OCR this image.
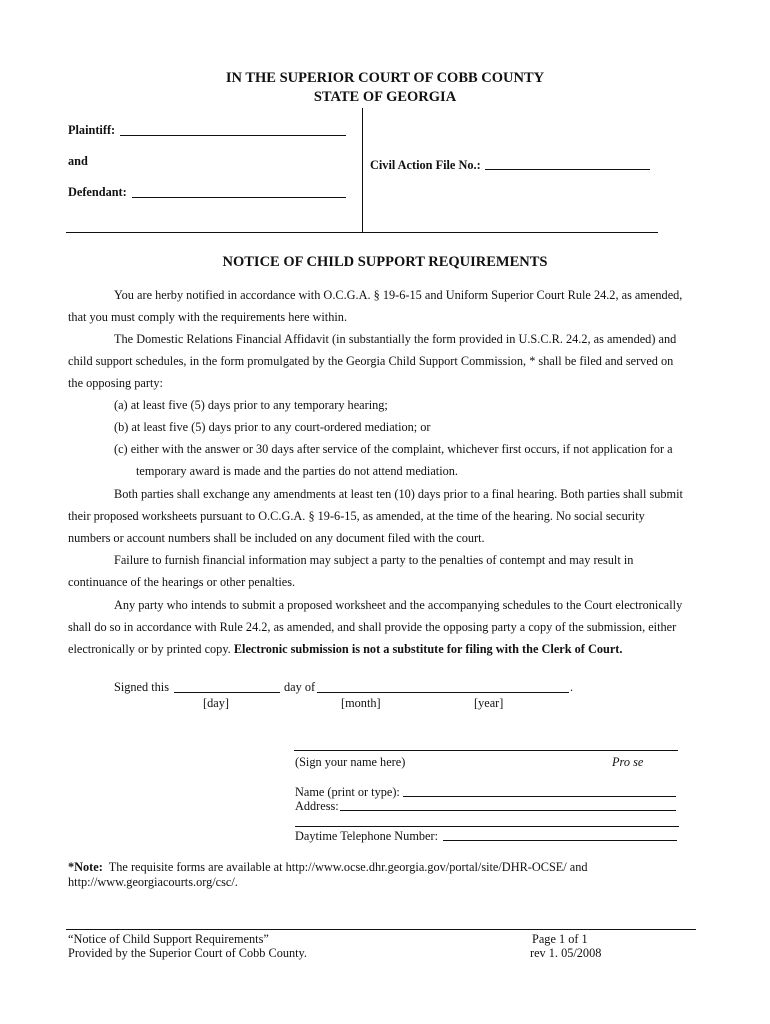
IN THE SUPERIOR COURT OF COBB COUNTY
STATE OF GEORGIA
Plaintiff:
and
Defendant:
Civil Action File No.:
NOTICE OF CHILD SUPPORT REQUIREMENTS
You are herby notified in accordance with O.C.G.A. § 19-6-15 and Uniform Superior Court Rule 24.2, as amended,
that you must comply with the requirements here within.
The Domestic Relations Financial Affidavit (in substantially the form provided in U.S.C.R. 24.2, as amended) and
child support schedules, in the form promulgated by the Georgia Child Support Commission, * shall be filed and served on
the opposing party:
(a) at least five (5) days prior to any temporary hearing;
(b) at least five (5) days prior to any court-ordered mediation; or
(c) either with the answer or 30 days after service of the complaint, whichever first occurs, if not application for a
temporary award is made and the parties do not attend mediation.
Both parties shall exchange any amendments at least ten (10) days prior to a final hearing. Both parties shall submit
their proposed worksheets pursuant to O.C.G.A. § 19-6-15, as amended, at the time of the hearing. No social security
numbers or account numbers shall be included on any document filed with the court.
Failure to furnish financial information may subject a party to the penalties of contempt and may result in
continuance of the hearings or other penalties.
Any party who intends to submit a proposed worksheet and the accompanying schedules to the Court electronically
shall do so in accordance with Rule 24.2, as amended, and shall provide the opposing party a copy of the submission, either
electronically or by printed copy. Electronic submission is not a substitute for filing with the Clerk of Court.
Signed this	day of	.
[day]	[month]	[year]
(Sign your name here)	Pro se
Name (print or type):
Address:
Daytime Telephone Number:
*Note: The requisite forms are available at http://www.ocse.dhr.georgia.gov/portal/site/DHR-OCSE/ and
http://www.georgiacourts.org/csc/.
“Notice of Child Support Requirements”
Provided by the Superior Court of Cobb County.
Page 1 of 1
rev 1. 05/2008
